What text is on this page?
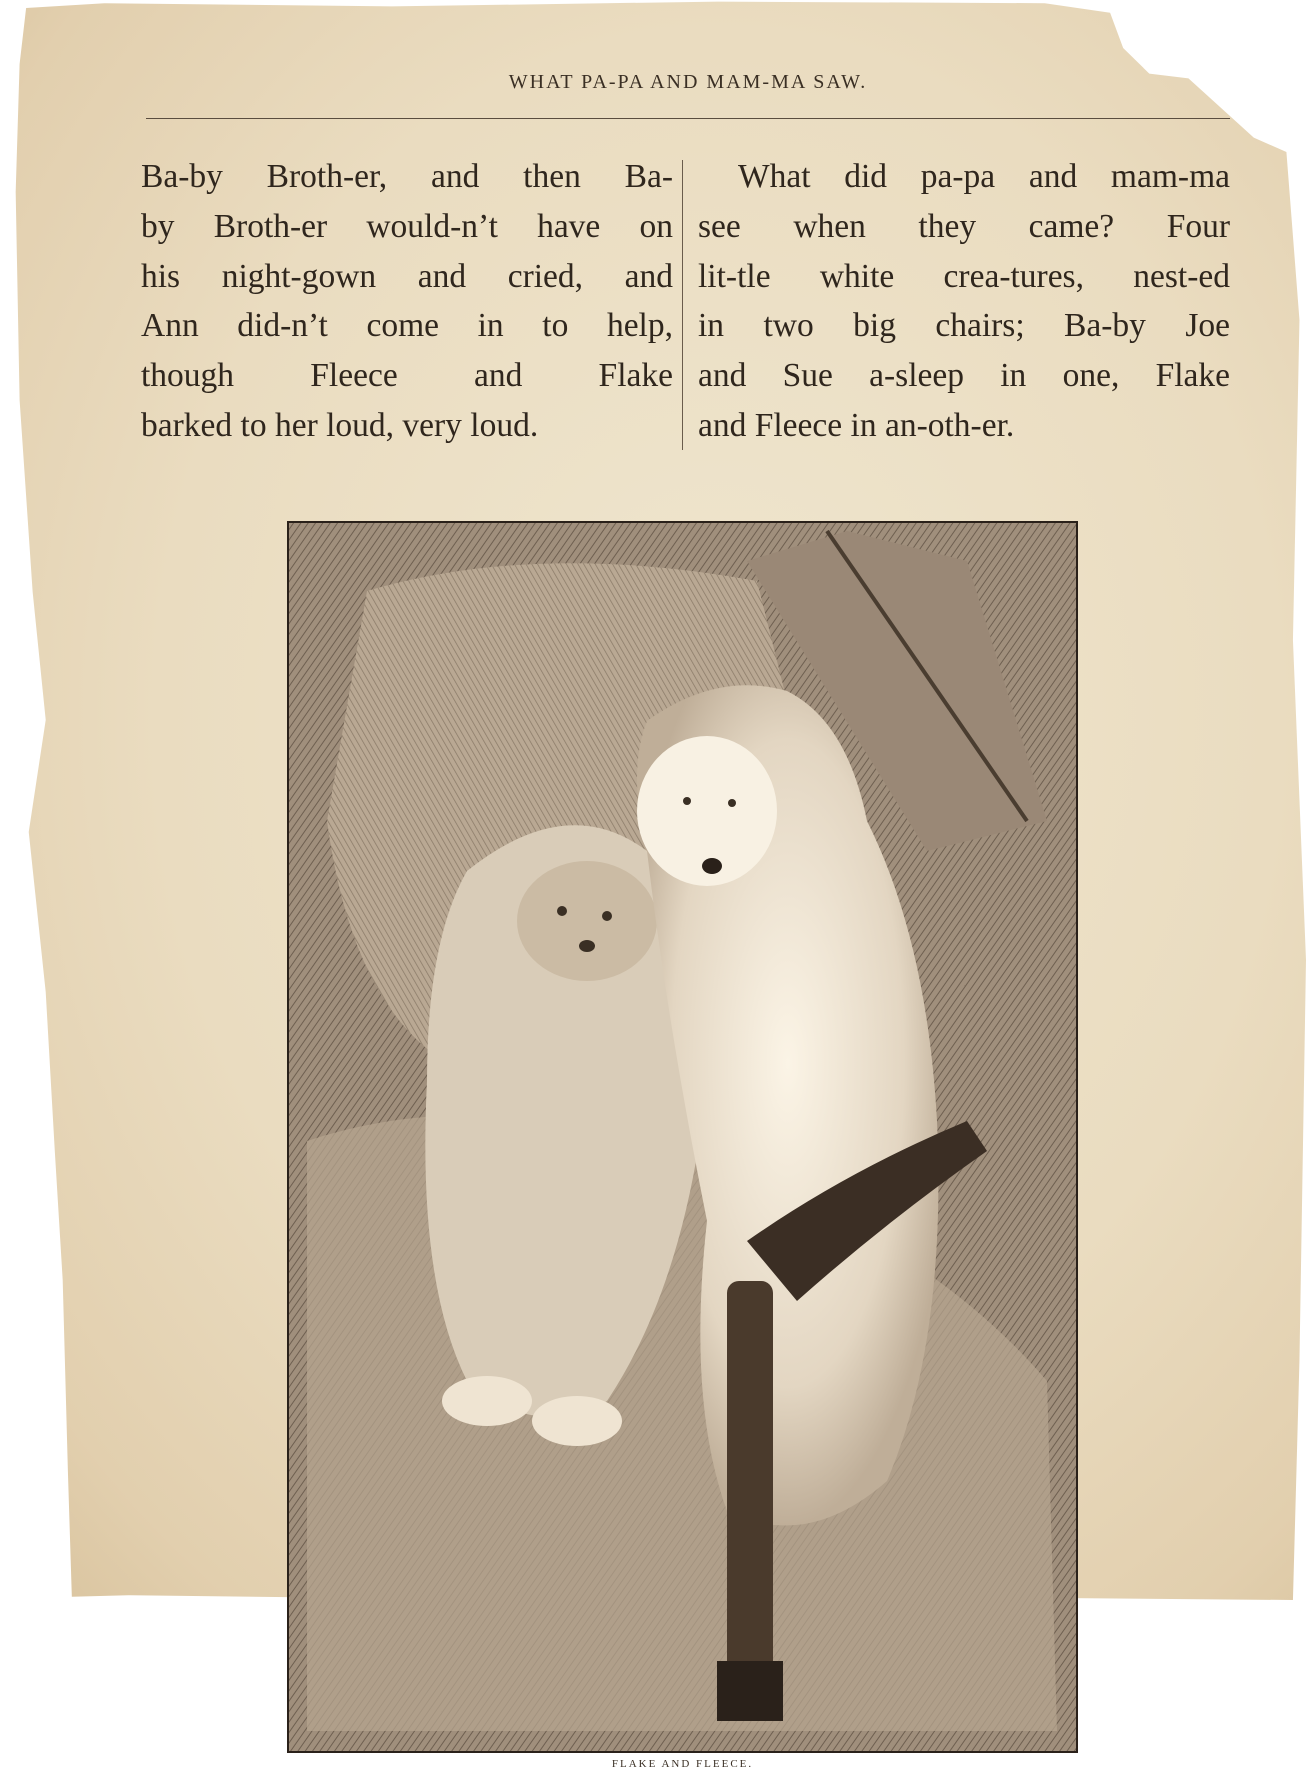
WHAT PA-PA AND MAM-MA SAW.
Ba-by Broth-er, and then Ba-
by Broth-er would-n’t have on
his night-gown and cried, and
Ann did-n’t come in to help,
though Fleece and Flake
barked to her loud, very loud.
What did pa-pa and mam-ma
see when they came? Four
lit-tle white crea-tures, nest-ed
in two big chairs; Ba-by Joe
and Sue a-sleep in one, Flake
and Fleece in an-oth-er.
FLAKE AND FLEECE.
